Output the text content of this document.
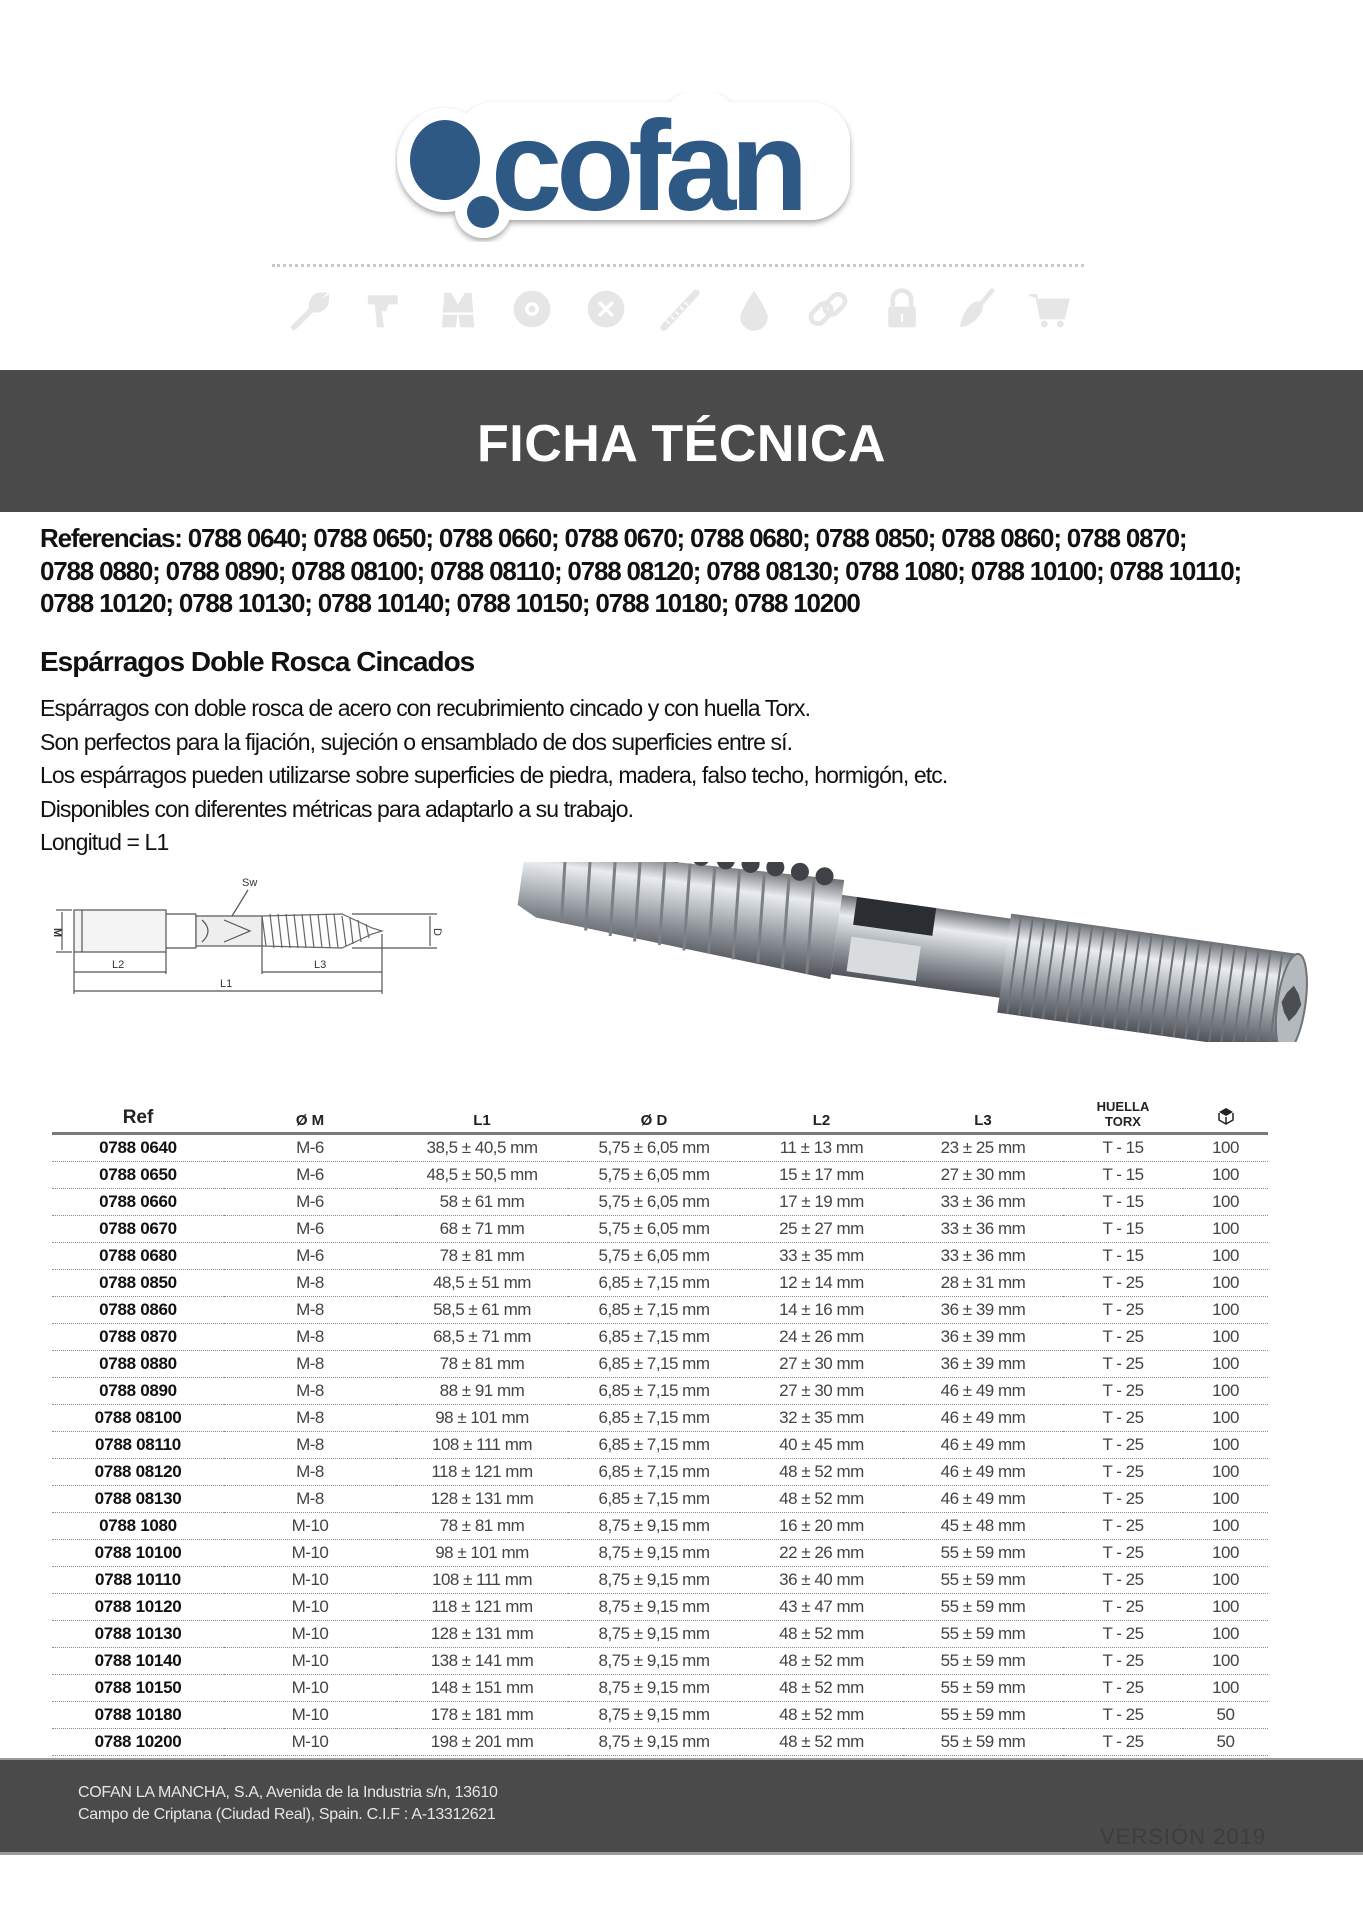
cofan
FICHA TÉCNICA
Referencias: 0788 0640; 0788 0650; 0788 0660; 0788 0670; 0788 0680; 0788 0850; 0788 0860; 0788 0870;
0788 0880; 0788 0890; 0788 08100; 0788 08110; 0788 08120; 0788 08130; 0788 1080; 0788 10100; 0788 10110;
0788 10120; 0788 10130; 0788 10140; 0788 10150; 0788 10180; 0788 10200
Espárragos Doble Rosca Cincados
Espárragos con doble rosca de acero con recubrimiento cincado y con huella Torx.
Son perfectos para la fijación, sujeción o ensamblado de dos superficies entre sí.
Los espárragos pueden utilizarse sobre superficies de piedra, madera, falso techo, hormigón, etc.
Disponibles con diferentes métricas para adaptarlo a su trabajo.
Longitud = L1
Sw
M	D
L2	L3
L1
Ref	Ø M	L1	Ø D	L2	L3	HUELLA
TORX

0788 0640	M-6	38,5 ± 40,5 mm	5,75 ± 6,05 mm	11 ± 13 mm	23 ± 25 mm	T - 15	100
0788 0650	M-6	48,5 ± 50,5 mm	5,75 ± 6,05 mm	15 ± 17 mm	27 ± 30 mm	T - 15	100
0788 0660	M-6	58 ± 61 mm	5,75 ± 6,05 mm	17 ± 19 mm	33 ± 36 mm	T - 15	100
0788 0670	M-6	68 ± 71 mm	5,75 ± 6,05 mm	25 ± 27 mm	33 ± 36 mm	T - 15	100
0788 0680	M-6	78 ± 81 mm	5,75 ± 6,05 mm	33 ± 35 mm	33 ± 36 mm	T - 15	100
0788 0850	M-8	48,5 ± 51 mm	6,85 ± 7,15 mm	12 ± 14 mm	28 ± 31 mm	T - 25	100
0788 0860	M-8	58,5 ± 61 mm	6,85 ± 7,15 mm	14 ± 16 mm	36 ± 39 mm	T - 25	100
0788 0870	M-8	68,5 ± 71 mm	6,85 ± 7,15 mm	24 ± 26 mm	36 ± 39 mm	T - 25	100
0788 0880	M-8	78 ± 81 mm	6,85 ± 7,15 mm	27 ± 30 mm	36 ± 39 mm	T - 25	100
0788 0890	M-8	88 ± 91 mm	6,85 ± 7,15 mm	27 ± 30 mm	46 ± 49 mm	T - 25	100
0788 08100	M-8	98 ± 101 mm	6,85 ± 7,15 mm	32 ± 35 mm	46 ± 49 mm	T - 25	100
0788 08110	M-8	108 ± 111 mm	6,85 ± 7,15 mm	40 ± 45 mm	46 ± 49 mm	T - 25	100
0788 08120	M-8	118 ± 121 mm	6,85 ± 7,15 mm	48 ± 52 mm	46 ± 49 mm	T - 25	100
0788 08130	M-8	128 ± 131 mm	6,85 ± 7,15 mm	48 ± 52 mm	46 ± 49 mm	T - 25	100
0788 1080	M-10	78 ± 81 mm	8,75 ± 9,15 mm	16 ± 20 mm	45 ± 48 mm	T - 25	100
0788 10100	M-10	98 ± 101 mm	8,75 ± 9,15 mm	22 ± 26 mm	55 ± 59 mm	T - 25	100
0788 10110	M-10	108 ± 111 mm	8,75 ± 9,15 mm	36 ± 40 mm	55 ± 59 mm	T - 25	100
0788 10120	M-10	118 ± 121 mm	8,75 ± 9,15 mm	43 ± 47 mm	55 ± 59 mm	T - 25	100
0788 10130	M-10	128 ± 131 mm	8,75 ± 9,15 mm	48 ± 52 mm	55 ± 59 mm	T - 25	100
0788 10140	M-10	138 ± 141 mm	8,75 ± 9,15 mm	48 ± 52 mm	55 ± 59 mm	T - 25	100
0788 10150	M-10	148 ± 151 mm	8,75 ± 9,15 mm	48 ± 52 mm	55 ± 59 mm	T - 25	100
0788 10180	M-10	178 ± 181 mm	8,75 ± 9,15 mm	48 ± 52 mm	55 ± 59 mm	T - 25	50
0788 10200	M-10	198 ± 201 mm	8,75 ± 9,15 mm	48 ± 52 mm	55 ± 59 mm	T - 25	50
COFAN LA MANCHA, S.A, Avenida de la Industria s/n, 13610
Campo de Criptana (Ciudad Real), Spain. C.I.F : A-13312621
VERSIÓN 2019
